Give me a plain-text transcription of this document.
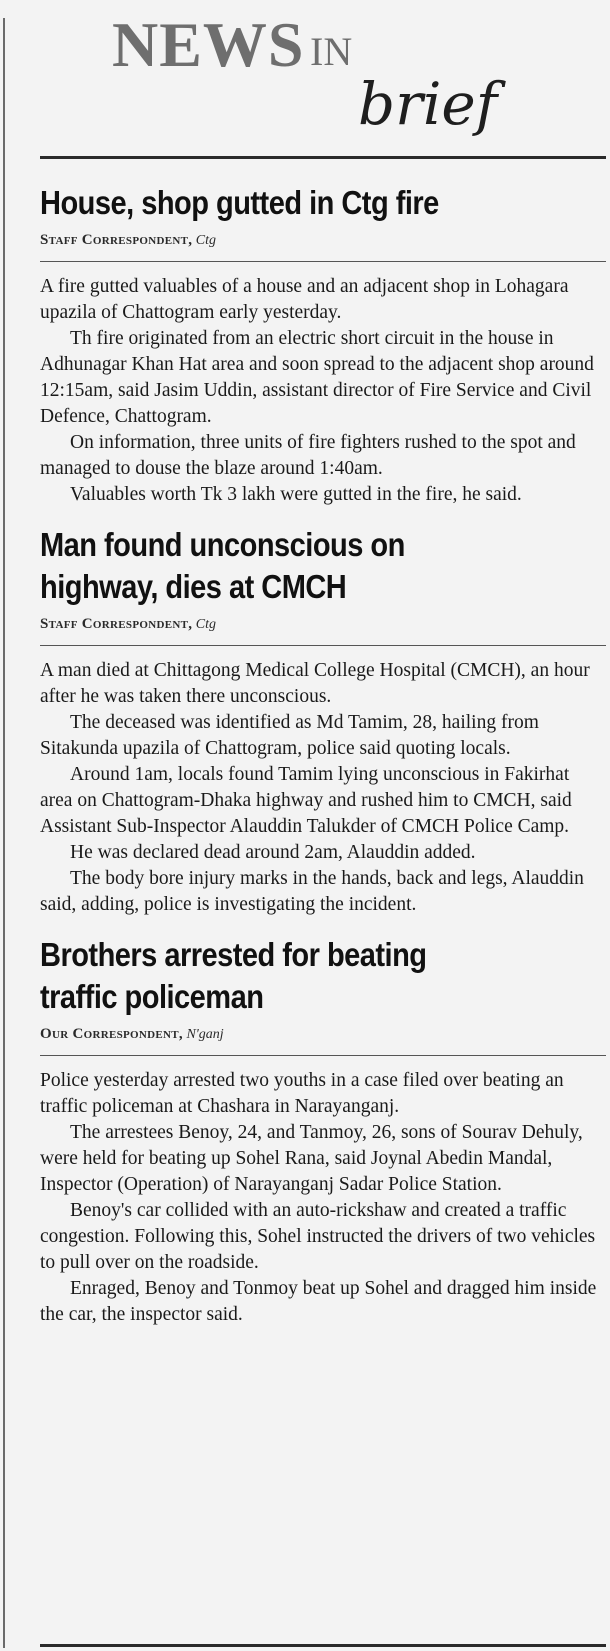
NEWS IN
brief
House, shop gutted in Ctg fire
Staff Correspondent, Ctg

A fire gutted valuables of a house and an adjacent shop in Lohagara upazila of Chattogram early yesterday.

Th fire originated from an electric short circuit in the house in Adhunagar Khan Hat area and soon spread to the adjacent shop around 12:15am, said Jasim Uddin, assistant director of Fire Service and Civil Defence, Chattogram.

On information, three units of fire fighters rushed to the spot and managed to douse the blaze around 1:40am.

Valuables worth Tk 3 lakh were gutted in the fire, he said.

Man found unconscious on highway, dies at CMCH
Staff Correspondent, Ctg

A man died at Chittagong Medical College Hospital (CMCH), an hour after he was taken there unconscious.

The deceased was identified as Md Tamim, 28, hailing from Sitakunda upazila of Chattogram, police said quoting locals.

Around 1am, locals found Tamim lying unconscious in Fakirhat area on Chattogram-Dhaka highway and rushed him to CMCH, said Assistant Sub-Inspector Alauddin Talukder of CMCH Police Camp.

He was declared dead around 2am, Alauddin added.

The body bore injury marks in the hands, back and legs, Alauddin said, adding, police is investigating the incident.

Brothers arrested for beating traffic policeman
Our Correspondent, N'ganj

Police yesterday arrested two youths in a case filed over beating an traffic policeman at Chashara in Narayanganj.

The arrestees Benoy, 24, and Tanmoy, 26, sons of Sourav Dehuly, were held for beating up Sohel Rana, said Joynal Abedin Mandal, Inspector (Operation) of Narayanganj Sadar Police Station.

Benoy's car collided with an auto-rickshaw and created a traffic congestion. Following this, Sohel instructed the drivers of two vehicles to pull over on the roadside.

Enraged, Benoy and Tonmoy beat up Sohel and dragged him inside the car, the inspector said.
